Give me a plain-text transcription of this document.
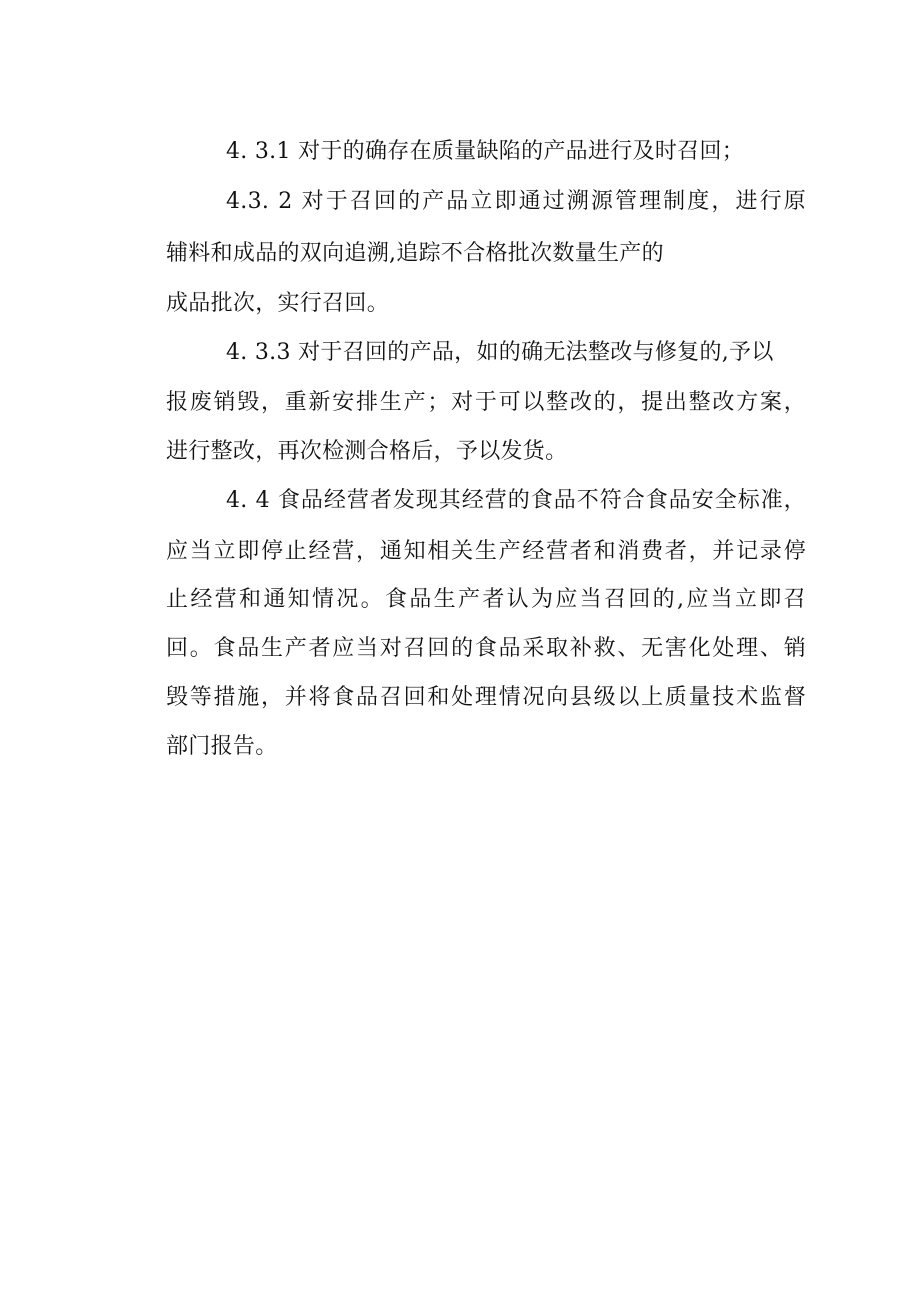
4. 3.1 对于的确存在质量缺陷的产品进行及时召回；
4.3. 2 对于召回的产品立即通过溯源管理制度，进行原
辅料和成品的双向追溯,追踪不合格批次数量生产的
成品批次，实行召回。
4. 3.3 对于召回的产品，如的确无法整改与修复的,予以
报废销毁，重新安排生产；对于可以整改的，提出整改方案，
进行整改，再次检测合格后，予以发货。
4. 4 食品经营者发现其经营的食品不符合食品安全标准，
应当立即停止经营，通知相关生产经营者和消费者，并记录停
止经营和通知情况。食品生产者认为应当召回的,应当立即召
回。食品生产者应当对召回的食品采取补救、无害化处理、销
毁等措施，并将食品召回和处理情况向县级以上质量技术监督
部门报告。
